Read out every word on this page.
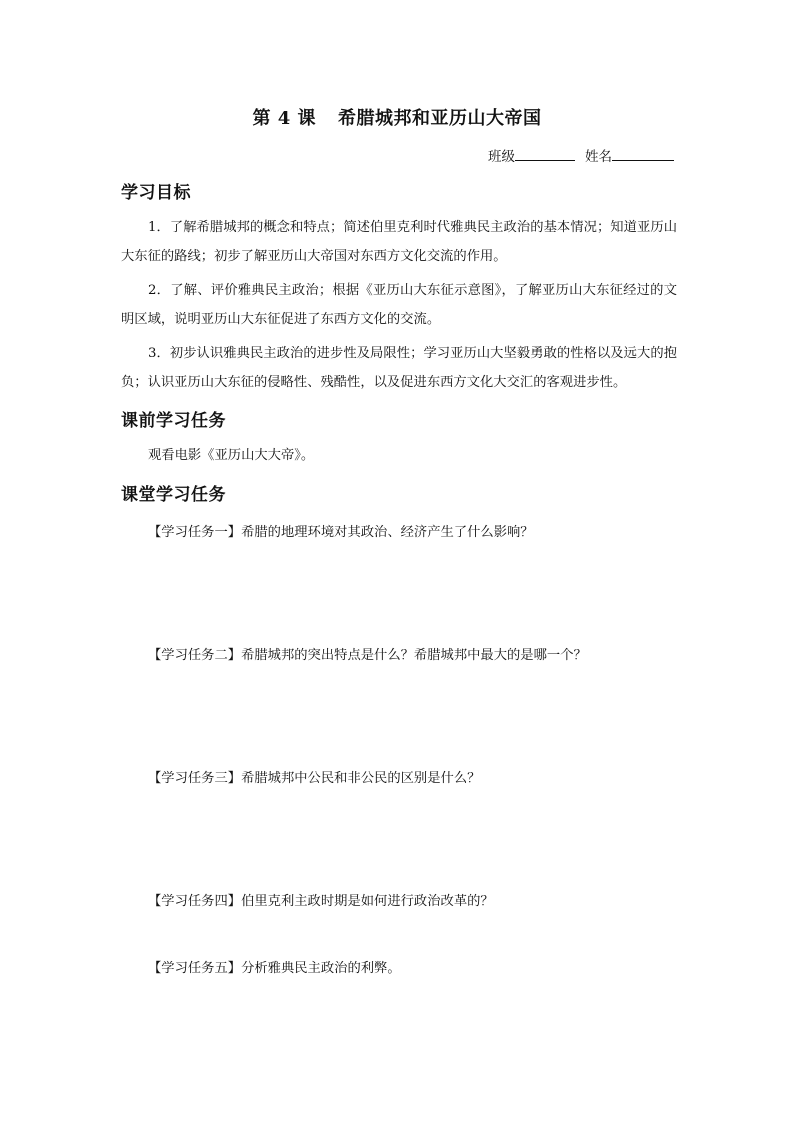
第 4 课 希腊城邦和亚历山大帝国
班级	姓名
学习目标
1．了解希腊城邦的概念和特点；简述伯里克利时代雅典民主政治的基本情况；知道亚历山大东征的路线；初步了解亚历山大帝国对东西方文化交流的作用。
2．了解、评价雅典民主政治；根据《亚历山大东征示意图》，了解亚历山大东征经过的文明区域，说明亚历山大东征促进了东西方文化的交流。
3．初步认识雅典民主政治的进步性及局限性；学习亚历山大坚毅勇敢的性格以及远大的抱负；认识亚历山大东征的侵略性、残酷性，以及促进东西方文化大交汇的客观进步性。
课前学习任务
观看电影《亚历山大大帝》。
课堂学习任务
【学习任务一】希腊的地理环境对其政治、经济产生了什么影响？
【学习任务二】希腊城邦的突出特点是什么？希腊城邦中最大的是哪一个？
【学习任务三】希腊城邦中公民和非公民的区别是什么？
【学习任务四】伯里克利主政时期是如何进行政治改革的？
【学习任务五】分析雅典民主政治的利弊。
